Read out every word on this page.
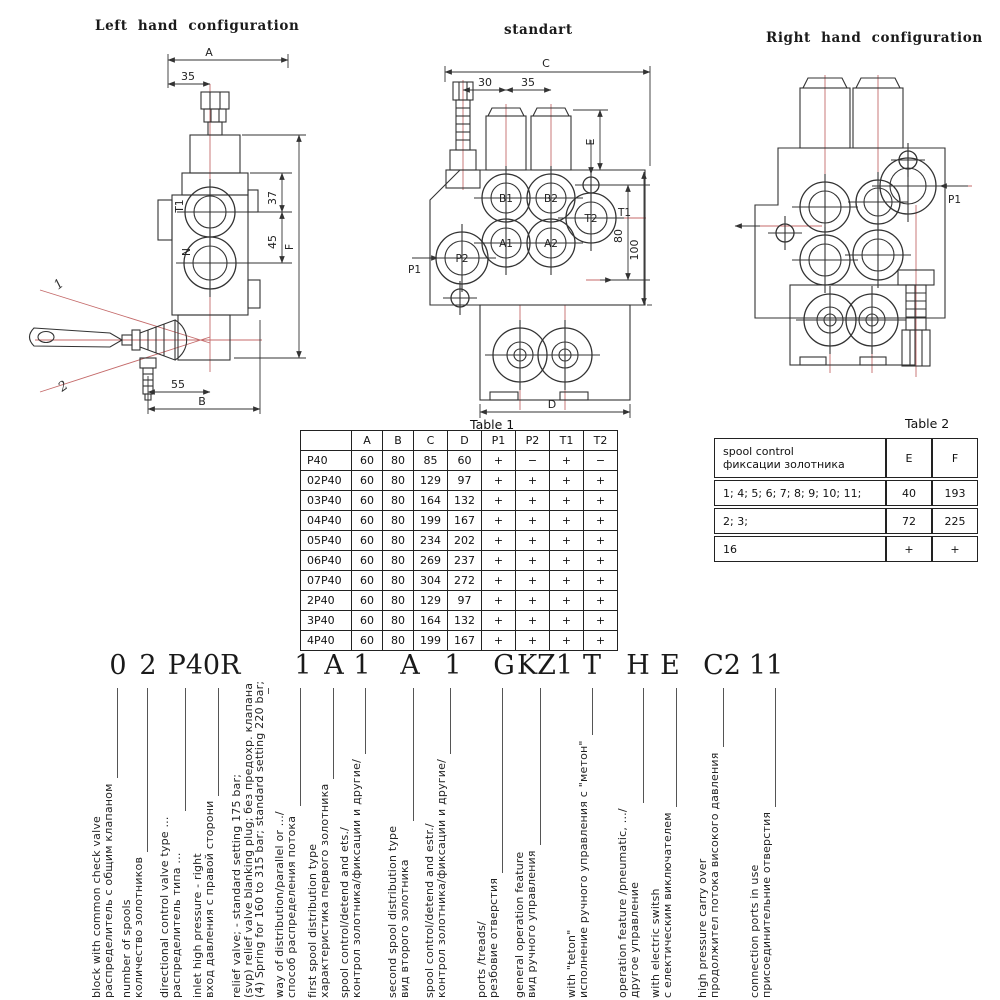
Left hand configuration	standart	Right hand configuration
A
35
37
45 F
55
B
T1
N
1
2
C
30	35
E
80
100
D
B1	B2
T2
A1	A2
P2
T1
P1
P1
Table 1
	A	B	C	D	P1	P2	T1	T2
P40	60	80	85	60	+	−	+	−
02P40	60	80	129	97	+	+	+	+
03P40	60	80	164	132	+	+	+	+
04P40	60	80	199	167	+	+	+	+
05P40	60	80	234	202	+	+	+	+
06P40	60	80	269	237	+	+	+	+
07P40	60	80	304	272	+	+	+	+
2P40	60	80	129	97	+	+	+	+
3P40	60	80	164	132	+	+	+	+
4P40	60	80	199	167	+	+	+	+
Table 2
spool control
фиксации золотника	E	F
1; 4; 5; 6; 7; 8; 9; 10; 11;	40	193
2; 3;	72	225
16	+	+
0 2 P40R 1 A 1 A 1 G KZ1 T H E C2 11
block with common check valve
распределитель с общим клапаном number of spools
количество золотников directional control valve type ...
распределитель типа ... inlet high pressure - right
вход давления с правой сторони relief valve; - standard setting 175 bar;
(svp) relief valve blanking plug; без предохр. клапана
(4) Spring for 160 to 315 bar; standard setting 220 bar; way of distribution/parallel or .../
способ распределения потока first spool distribution type
характеристика первого золотника spool control/detend and ets./
контрол золотника/фиксации и другие/ second spool distribution type
вид второго золотника spool control/detend and estr./
контрол золотника/фиксации и другие/	ports /treads/
резбовие отверстия general operation feature
вид ручного управления	with "teton"
исполнение ручного управления с "метон" operation feature /pneumatic, .../
другое управление with electric switsh
с електическим виключателем high pressure carry over
продолжител потока високого давления	connection ports in use
присоединительние отверстия
